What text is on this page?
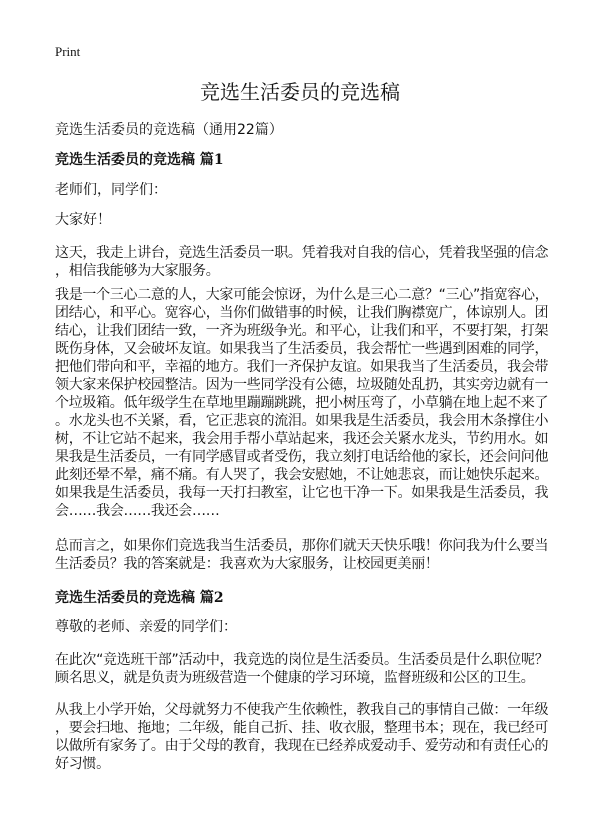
Print
竞选生活委员的竞选稿
竞选生活委员的竞选稿（通用22篇）
竞选生活委员的竞选稿 篇1
老师们，同学们：
大家好！
这天，我走上讲台，竞选生活委员一职。凭着我对自我的信心，凭着我坚强的信念
，相信我能够为大家服务。
我是一个三心二意的人，大家可能会惊讶，为什么是三心二意？“三心”指宽容心，
团结心，和平心。宽容心，当你们做错事的时候，让我们胸襟宽广，体谅别人。团
结心，让我们团结一致，一齐为班级争光。和平心，让我们和平，不要打架，打架
既伤身体，又会破坏友谊。如果我当了生活委员，我会帮忙一些遇到困难的同学，
把他们带向和平，幸福的地方。我们一齐保护友谊。如果我当了生活委员，我会带
领大家来保护校园整洁。因为一些同学没有公德，垃圾随处乱扔，其实旁边就有一
个垃圾箱。低年级学生在草地里蹦蹦跳跳，把小树压弯了，小草躺在地上起不来了
。水龙头也不关紧，看，它正悲哀的流泪。如果我是生活委员，我会用木条撑住小
树，不让它站不起来，我会用手帮小草站起来，我还会关紧水龙头，节约用水。如
果我是生活委员，一有同学感冒或者受伤，我立刻打电话给他的家长，还会问问他
此刻还晕不晕，痛不痛。有人哭了，我会安慰她，不让她悲哀，而让她快乐起来。
如果我是生活委员，我每一天打扫教室，让它也干净一下。如果我是生活委员，我
会……我会……我还会……
总而言之，如果你们竞选我当生活委员，那你们就天天快乐哦！你问我为什么要当
生活委员？我的答案就是：我喜欢为大家服务，让校园更美丽！
竞选生活委员的竞选稿 篇2
尊敬的老师、亲爱的同学们：
在此次“竞选班干部”活动中，我竞选的岗位是生活委员。生活委员是什么职位呢？
顾名思义，就是负责为班级营造一个健康的学习环境，监督班级和公区的卫生。
从我上小学开始，父母就努力不使我产生依赖性，教我自己的事情自己做：一年级
，要会扫地、拖地；二年级，能自己折、挂、收衣服，整理书本；现在，我已经可
以做所有家务了。由于父母的教育，我现在已经养成爱动手、爱劳动和有责任心的
好习惯。
